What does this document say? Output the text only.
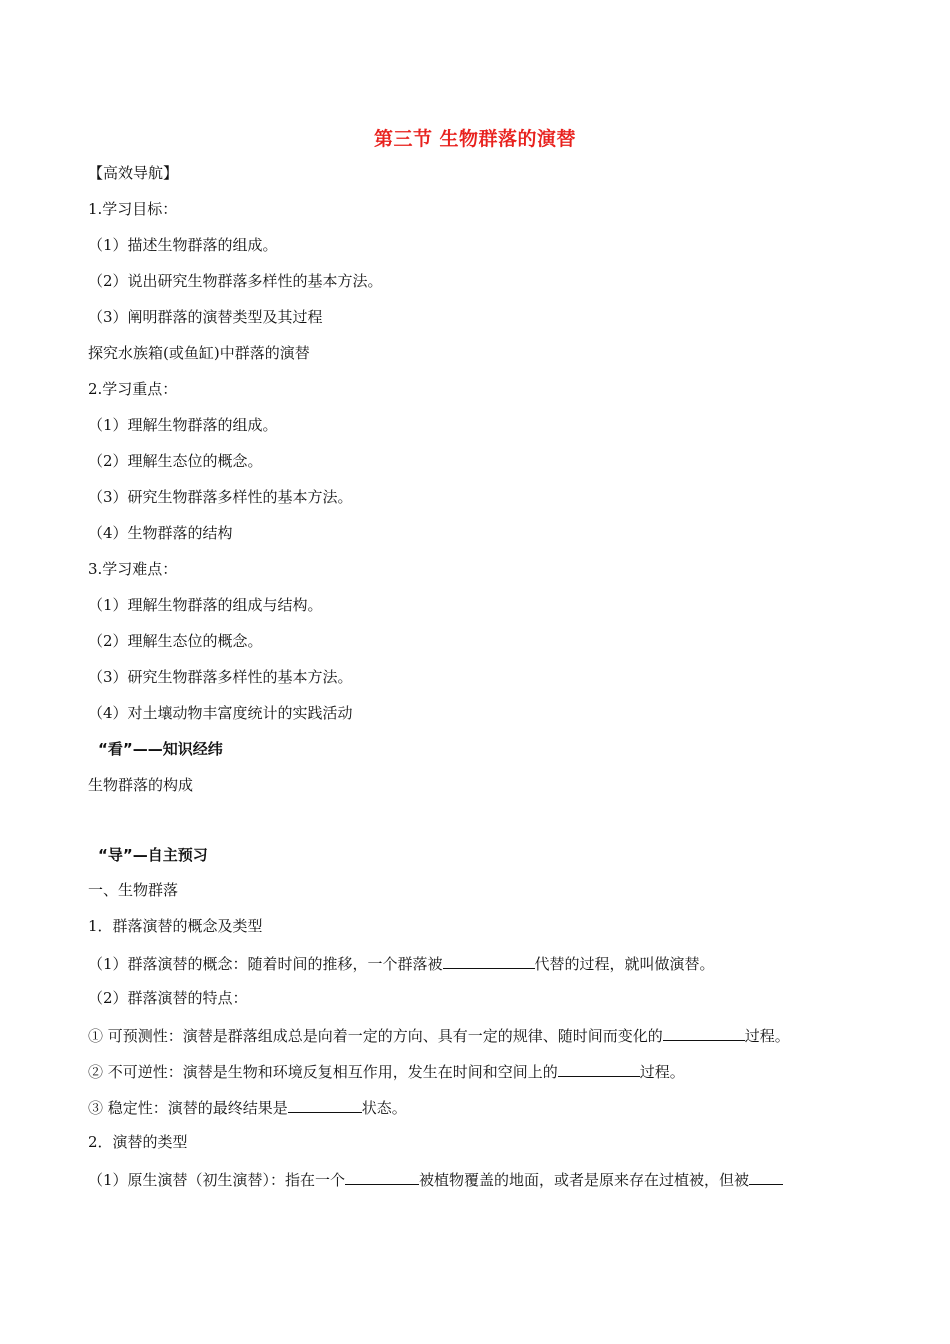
第三节 生物群落的演替
【高效导航】
1.学习目标：
（1）描述生物群落的组成。
（2）说出研究生物群落多样性的基本方法。
（3）阐明群落的演替类型及其过程
探究水族箱(或鱼缸)中群落的演替
2.学习重点：
（1）理解生物群落的组成。
（2）理解生态位的概念。
（3）研究生物群落多样性的基本方法。
（4）生物群落的结构
3.学习难点：
（1）理解生物群落的组成与结构。
（2）理解生态位的概念。
（3）研究生物群落多样性的基本方法。
（4）对土壤动物丰富度统计的实践活动
“看”——知识经纬
生物群落的构成
“导”—自主预习
一、生物群落
1．群落演替的概念及类型
（1）群落演替的概念：随着时间的推移，一个群落被	代替的过程，就叫做演替。
（2）群落演替的特点：
① 可预测性：演替是群落组成总是向着一定的方向、具有一定的规律、随时间而变化的	过程。
② 不可逆性：演替是生物和环境反复相互作用，发生在时间和空间上的	过程。
③ 稳定性：演替的最终结果是	状态。
2．演替的类型
（1）原生演替（初生演替）：指在一个	被植物覆盖的地面，或者是原来存在过植被，但被
